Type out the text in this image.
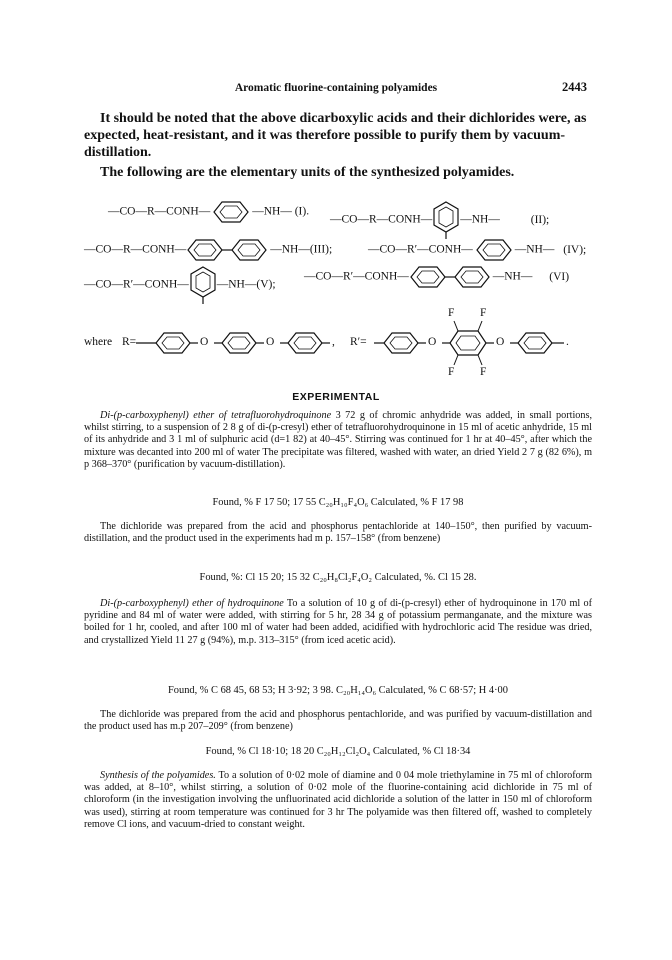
Aromatic fluorine-containing polyamides	2443

It should be noted that the above dicarboxylic acids and their dichlorides were, as expected, heat-resistant, and it was therefore possible to purify them by vacuum-distillation.

The following are the elementary units of the synthesized polyamides.

—CO—R—CONH—	—NH— (I).
—CO—R—CONH— —NH—	(II);
—CO—R—CONH—	—NH—(III);	—CO—R′—CONH—	—NH— (IV);
—CO—R′—CONH— —NH—(V);
—CO—R′—CONH—	—NH— (VI)
where R=	O	O	, R′=	O	O
F F
F F
.
EXPERIMENTAL

Di-(p-carboxyphenyl) ether of tetrafluorohydroquinone 3 72 g of chromic anhydride was added, in small portions, whilst stirring, to a suspension of 2 8 g of di-(p-cresyl) ether of tetrafluorohydroquinone in 15 ml of acetic anhydride, 15 ml of its anhydride and 3 1 ml of sulphuric acid (d=1 82) at 40–45°. Stirring was continued for 1 hr at 40–45°, after which the mixture was decanted into 200 ml of water The precipitate was filtered, washed with water, an dried Yield 2 7 g (82 6%), m p 368–370° (purification by vacuum-distillation).

Found, % F 17 50; 17 55 C₂₀H₁₀F₄O₆ Calculated, % F 17 98

The dichloride was prepared from the acid and phosphorus pentachloride at 140–150°, then purified by vacuum-distillation, and the product used in the experiments had m p. 157–158° (from benzene)

Found, %: Cl 15 20; 15 32 C₂₀H₈Cl₂F₄O₂ Calculated, %. Cl 15 28.

Di-(p-carboxyphenyl) ether of hydroquinone To a solution of 10 g of di-(p-cresyl) ether of hydroquinone in 170 ml of pyridine and 84 ml of water were added, with stirring for 5 hr, 28 34 g of potassium permanganate, and the mixture was boiled for 1 hr, cooled, and after 100 ml of water had been added, acidified with hydrochloric acid The residue was dried, and crystallized Yield 11 27 g (94%), m.p. 313–315° (from iced acetic acid).

Found, % C 68 45, 68 53; H 3·92; 3 98. C₂₀H₁₄O₆ Calculated, % C 68·57; H 4·00

The dichloride was prepared from the acid and phosphorus pentachloride, and was purified by vacuum-distillation and the product used has m.p 207–209° (from benzene)

Found, % Cl 18·10; 18 20 C₂₀H₁₂Cl₂O₄ Calculated, % Cl 18·34

Synthesis of the polyamides. To a solution of 0·02 mole of diamine and 0 04 mole triethylamine in 75 ml of chloroform was added, at 8–10°, whilst stirring, a solution of 0·02 mole of the fluorine-containing acid dichloride in 75 ml of chloroform (in the investigation involving the unfluorinated acid dichloride a solution of the latter in 150 ml of chloroform was used), stirring at room temperature was continued for 3 hr The polyamide was then filtered off, washed to completely remove Cl ions, and vacuum-dried to constant weight.
